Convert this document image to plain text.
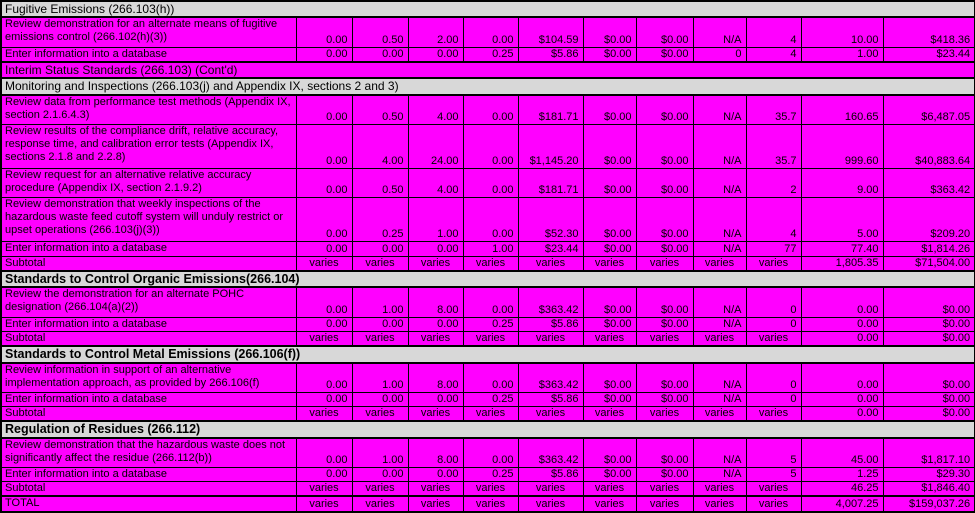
Fugitive Emissions (266.103(h))											
Review demonstration for an alternate means of fugitive emissions control (266.102(h)(3))	0.00	0.50	2.00	0.00	$104.59	$0.00	$0.00	N/A	4	10.00	$418.36
Enter information into a database	0.00	0.00	0.00	0.25	$5.86	$0.00	$0.00	0	4	1.00	$23.44
Interim Status Standards (266.103) (Cont'd)											
Monitoring and Inspections (266.103(j) and Appendix IX, sections 2 and 3)											
Review data from performance test methods (Appendix IX, section 2.1.6.4.3)	0.00	0.50	4.00	0.00	$181.71	$0.00	$0.00	N/A	35.7	160.65	$6,487.05
Review results of the compliance drift, relative accuracy, response time, and calibration error tests (Appendix IX, sections 2.1.8 and 2.2.8)	0.00	4.00	24.00	0.00	$1,145.20	$0.00	$0.00	N/A	35.7	999.60	$40,883.64
Review request for an alternative relative accuracy procedure (Appendix IX, section 2.1.9.2)	0.00	0.50	4.00	0.00	$181.71	$0.00	$0.00	N/A	2	9.00	$363.42
Review demonstration that weekly inspections of the hazardous waste feed cutoff system will unduly restrict or upset operations (266.103(j)(3))	0.00	0.25	1.00	0.00	$52.30	$0.00	$0.00	N/A	4	5.00	$209.20
Enter information into a database	0.00	0.00	0.00	1.00	$23.44	$0.00	$0.00	N/A	77	77.40	$1,814.26
Subtotal	varies	varies	varies	varies	varies	varies	varies	varies	varies	1,805.35	$71,504.00
Standards to Control Organic Emissions(266.104)											
Review the demonstration for an alternate POHC designation (266.104(a)(2))	0.00	1.00	8.00	0.00	$363.42	$0.00	$0.00	N/A	0	0.00	$0.00
Enter information into a database	0.00	0.00	0.00	0.25	$5.86	$0.00	$0.00	N/A	0	0.00	$0.00
Subtotal	varies	varies	varies	varies	varies	varies	varies	varies	varies	0.00	$0.00
Standards to Control Metal Emissions (266.106(f))											
Review information in support of an alternative implementation approach, as provided by 266.106(f)	0.00	1.00	8.00	0.00	$363.42	$0.00	$0.00	N/A	0	0.00	$0.00
Enter information into a database	0.00	0.00	0.00	0.25	$5.86	$0.00	$0.00	N/A	0	0.00	$0.00
Subtotal	varies	varies	varies	varies	varies	varies	varies	varies	varies	0.00	$0.00
Regulation of Residues (266.112)											
Review demonstration that the hazardous waste does not significantly affect the residue (266.112(b))	0.00	1.00	8.00	0.00	$363.42	$0.00	$0.00	N/A	5	45.00	$1,817.10
Enter information into a database	0.00	0.00	0.00	0.25	$5.86	$0.00	$0.00	N/A	5	1.25	$29.30
Subtotal	varies	varies	varies	varies	varies	varies	varies	varies	varies	46.25	$1,846.40
TOTAL	varies	varies	varies	varies	varies	varies	varies	varies	varies	4,007.25	$159,037.26
